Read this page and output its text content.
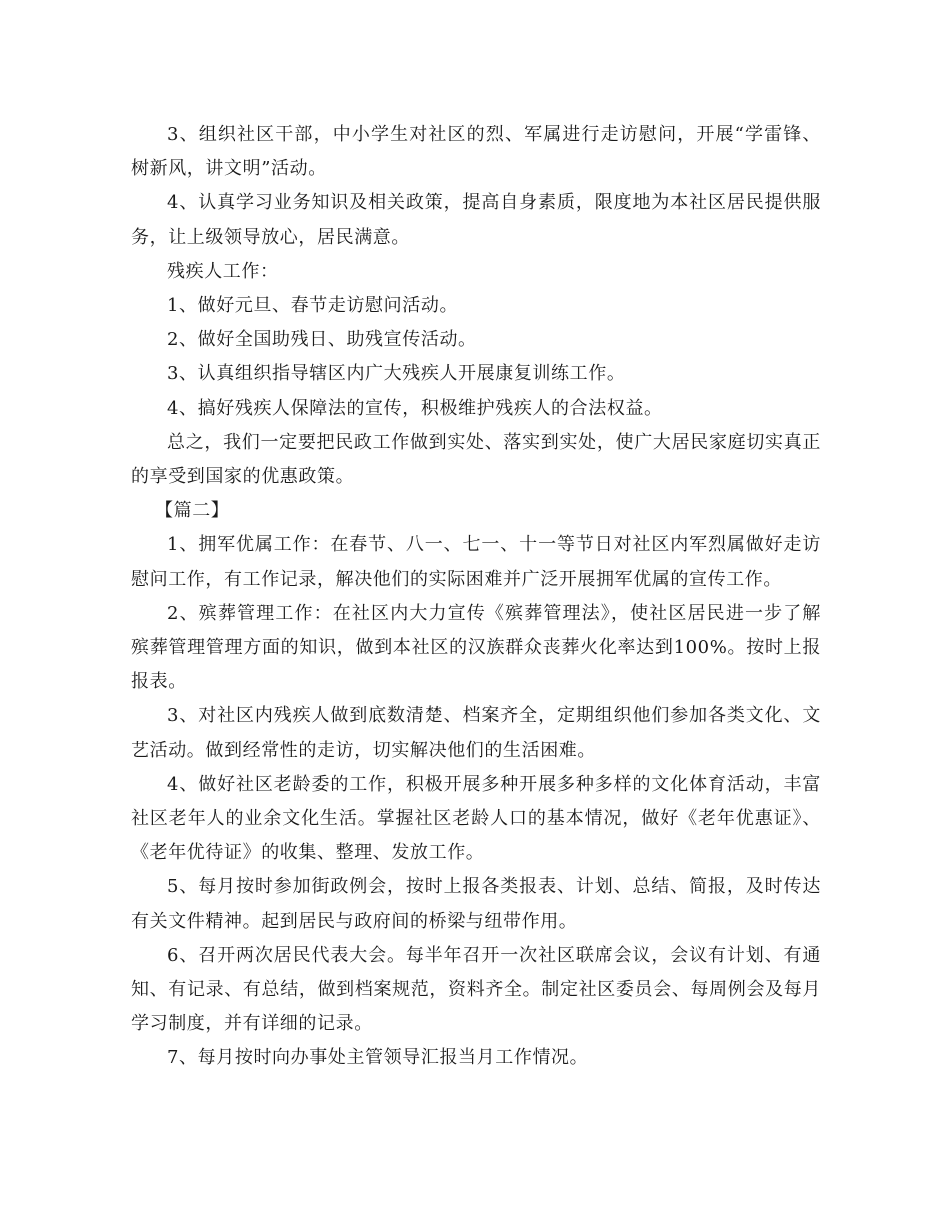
3、组织社区干部，中小学生对社区的烈、军属进行走访慰问，开展“学雷锋、树新风，讲文明”活动。

4、认真学习业务知识及相关政策，提高自身素质，限度地为本社区居民提供服务，让上级领导放心，居民满意。

残疾人工作：

1、做好元旦、春节走访慰问活动。

2、做好全国助残日、助残宣传活动。

3、认真组织指导辖区内广大残疾人开展康复训练工作。

4、搞好残疾人保障法的宣传，积极维护残疾人的合法权益。

总之，我们一定要把民政工作做到实处、落实到实处，使广大居民家庭切实真正的享受到国家的优惠政策。

【篇二】

1、拥军优属工作：在春节、八一、七一、十一等节日对社区内军烈属做好走访慰问工作，有工作记录，解决他们的实际困难并广泛开展拥军优属的宣传工作。

2、殡葬管理工作：在社区内大力宣传《殡葬管理法》，使社区居民进一步了解殡葬管理管理方面的知识，做到本社区的汉族群众丧葬火化率达到100%。按时上报报表。

3、对社区内残疾人做到底数清楚、档案齐全，定期组织他们参加各类文化、文艺活动。做到经常性的走访，切实解决他们的生活困难。

4、做好社区老龄委的工作，积极开展多种开展多种多样的文化体育活动，丰富社区老年人的业余文化生活。掌握社区老龄人口的基本情况，做好《老年优惠证》、《老年优待证》的收集、整理、发放工作。

5、每月按时参加街政例会，按时上报各类报表、计划、总结、简报，及时传达有关文件精神。起到居民与政府间的桥梁与纽带作用。

6、召开两次居民代表大会。每半年召开一次社区联席会议，会议有计划、有通知、有记录、有总结，做到档案规范，资料齐全。制定社区委员会、每周例会及每月学习制度，并有详细的记录。

7、每月按时向办事处主管领导汇报当月工作情况。
